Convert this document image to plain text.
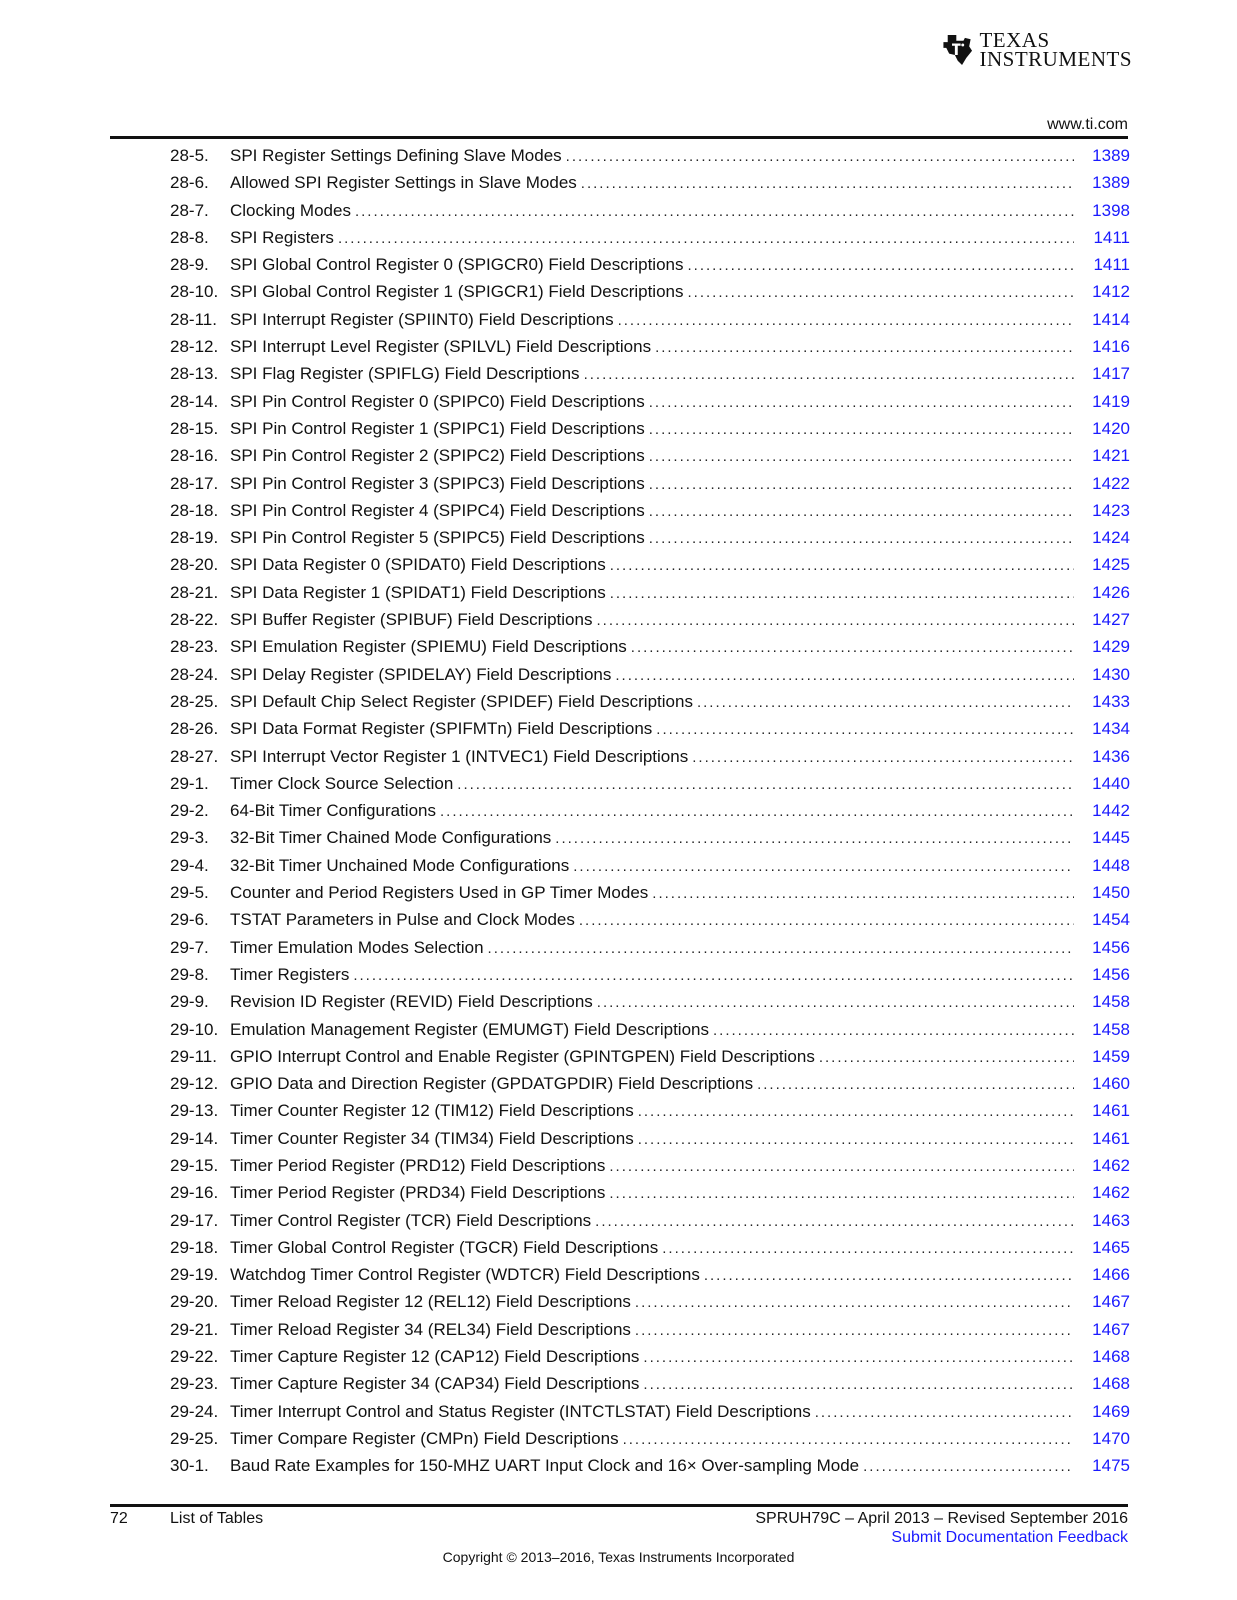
TEXAS
INSTRUMENTS
www.ti.com
28-5.	SPI Register Settings Defining Slave Modes .....	1389
28-6.	Allowed SPI Register Settings in Slave Modes .....	1389
28-7.	Clocking Modes .....	1398
28-8.	SPI Registers .....	1411
28-9.	SPI Global Control Register 0 (SPIGCR0) Field Descriptions .....	1411
28-10. SPI Global Control Register 1 (SPIGCR1) Field Descriptions .....	1412
28-11. SPI Interrupt Register (SPIINT0) Field Descriptions .....	1414
28-12. SPI Interrupt Level Register (SPILVL) Field Descriptions .....	1416
28-13. SPI Flag Register (SPIFLG) Field Descriptions .....	1417
28-14. SPI Pin Control Register 0 (SPIPC0) Field Descriptions .....	1419
28-15. SPI Pin Control Register 1 (SPIPC1) Field Descriptions .....	1420
28-16. SPI Pin Control Register 2 (SPIPC2) Field Descriptions .....	1421
28-17. SPI Pin Control Register 3 (SPIPC3) Field Descriptions .....	1422
28-18. SPI Pin Control Register 4 (SPIPC4) Field Descriptions .....	1423
28-19. SPI Pin Control Register 5 (SPIPC5) Field Descriptions .....	1424
28-20. SPI Data Register 0 (SPIDAT0) Field Descriptions .....	1425
28-21. SPI Data Register 1 (SPIDAT1) Field Descriptions .....	1426
28-22. SPI Buffer Register (SPIBUF) Field Descriptions .....	1427
28-23. SPI Emulation Register (SPIEMU) Field Descriptions .....	1429
28-24. SPI Delay Register (SPIDELAY) Field Descriptions .....	1430
28-25. SPI Default Chip Select Register (SPIDEF) Field Descriptions .....	1433
28-26. SPI Data Format Register (SPIFMTn) Field Descriptions .....	1434
28-27. SPI Interrupt Vector Register 1 (INTVEC1) Field Descriptions .....	1436
29-1.	Timer Clock Source Selection .....	1440
29-2.	64-Bit Timer Configurations .....	1442
29-3.	32-Bit Timer Chained Mode Configurations .....	1445
29-4.	32-Bit Timer Unchained Mode Configurations .....	1448
29-5.	Counter and Period Registers Used in GP Timer Modes .....	1450
29-6.	TSTAT Parameters in Pulse and Clock Modes .....	1454
29-7.	Timer Emulation Modes Selection .....	1456
29-8.	Timer Registers .....	1456
29-9.	Revision ID Register (REVID) Field Descriptions .....	1458
29-10. Emulation Management Register (EMUMGT) Field Descriptions .....	1458
29-11. GPIO Interrupt Control and Enable Register (GPINTGPEN) Field Descriptions .....	1459
29-12. GPIO Data and Direction Register (GPDATGPDIR) Field Descriptions .....	1460
29-13. Timer Counter Register 12 (TIM12) Field Descriptions .....	1461
29-14. Timer Counter Register 34 (TIM34) Field Descriptions .....	1461
29-15. Timer Period Register (PRD12) Field Descriptions .....	1462
29-16. Timer Period Register (PRD34) Field Descriptions .....	1462
29-17. Timer Control Register (TCR) Field Descriptions .....	1463
29-18. Timer Global Control Register (TGCR) Field Descriptions .....	1465
29-19. Watchdog Timer Control Register (WDTCR) Field Descriptions .....	1466
29-20. Timer Reload Register 12 (REL12) Field Descriptions .....	1467
29-21. Timer Reload Register 34 (REL34) Field Descriptions .....	1467
29-22. Timer Capture Register 12 (CAP12) Field Descriptions .....	1468
29-23. Timer Capture Register 34 (CAP34) Field Descriptions .....	1468
29-24. Timer Interrupt Control and Status Register (INTCTLSTAT) Field Descriptions .....	1469
29-25. Timer Compare Register (CMPn) Field Descriptions .....	1470
30-1.	Baud Rate Examples for 150-MHZ UART Input Clock and 16× Over-sampling Mode .....	1475
72	List of Tables	SPRUH79C – April 2013 – Revised September 2016
Submit Documentation Feedback
Copyright © 2013–2016, Texas Instruments Incorporated
